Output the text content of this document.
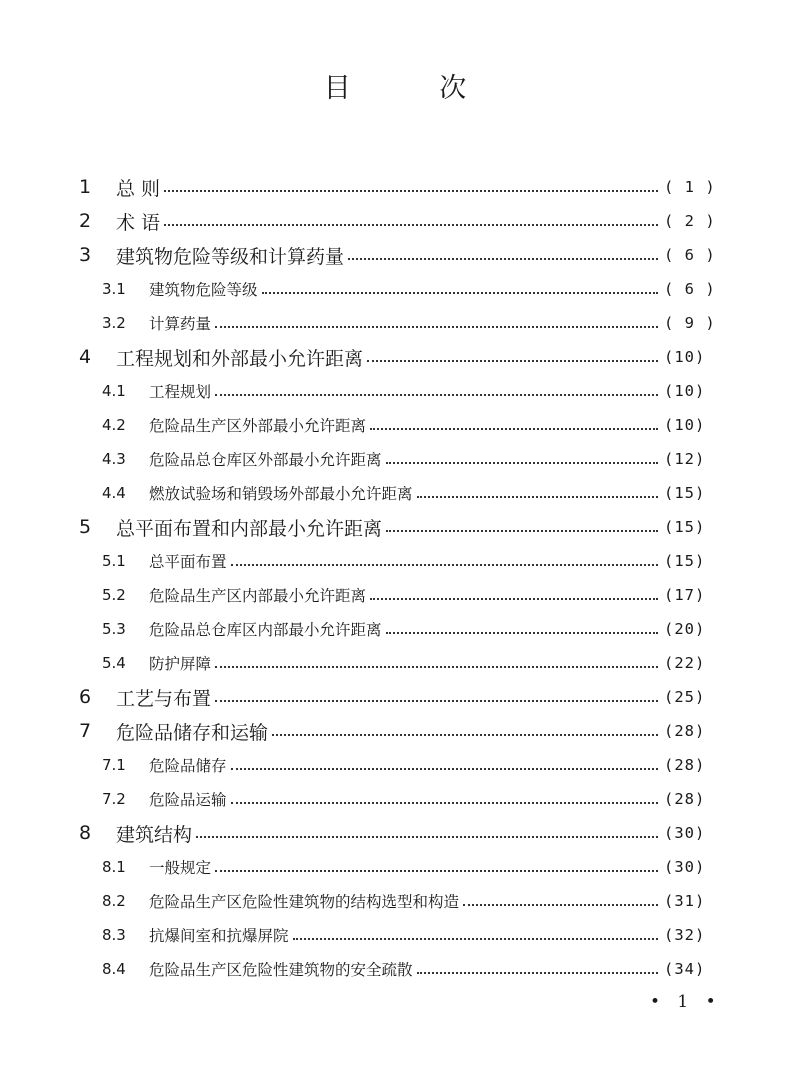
目 次
1 总 则	( 1 )
2 术 语	( 2 )
3 建筑物危险等级和计算药量	( 6 )
3.1 建筑物危险等级	( 6 )
3.2 计算药量	( 9 )
4 工程规划和外部最小允许距离	(10)
4.1 工程规划	(10)
4.2 危险品生产区外部最小允许距离	(10)
4.3 危险品总仓库区外部最小允许距离	(12)
4.4 燃放试验场和销毁场外部最小允许距离	(15)
5 总平面布置和内部最小允许距离	(15)
5.1 总平面布置	(15)
5.2 危险品生产区内部最小允许距离	(17)
5.3 危险品总仓库区内部最小允许距离	(20)
5.4 防护屏障	(22)
6 工艺与布置	(25)
7 危险品储存和运输	(28)
7.1 危险品储存	(28)
7.2 危险品运输	(28)
8 建筑结构	(30)
8.1 一般规定	(30)
8.2 危险品生产区危险性建筑物的结构选型和构造	(31)
8.3 抗爆间室和抗爆屏院	(32)
8.4 危险品生产区危险性建筑物的安全疏散	(34)
• 1 •
